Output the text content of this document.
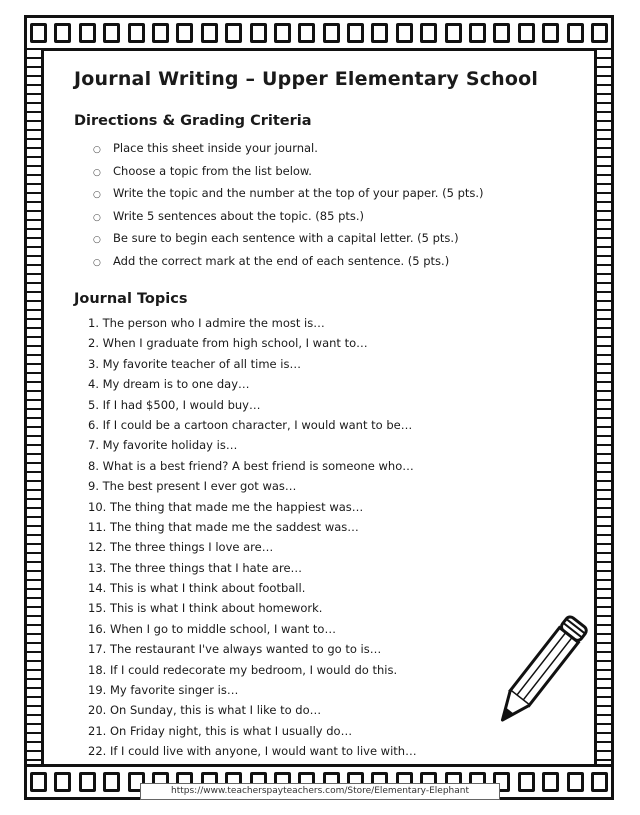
Journal Writing – Upper Elementary School
Directions & Grading Criteria
○ Place this sheet inside your journal.
○ Choose a topic from the list below.
○ Write the topic and the number at the top of your paper. (5 pts.)
○ Write 5 sentences about the topic. (85 pts.)
○ Be sure to begin each sentence with a capital letter. (5 pts.)
○ Add the correct mark at the end of each sentence. (5 pts.)
Journal Topics
1. The person who I admire the most is…
2. When I graduate from high school, I want to…
3. My favorite teacher of all time is…
4. My dream is to one day…
5. If I had $500, I would buy…
6. If I could be a cartoon character, I would want to be…
7. My favorite holiday is…
8. What is a best friend? A best friend is someone who…
9. The best present I ever got was…
10. The thing that made me the happiest was…
11. The thing that made me the saddest was…
12. The three things I love are…
13. The three things that I hate are…
14. This is what I think about football.
15. This is what I think about homework.
16. When I go to middle school, I want to…
17. The restaurant I've always wanted to go to is…
18. If I could redecorate my bedroom, I would do this.
19. My favorite singer is…
20. On Sunday, this is what I like to do…
21. On Friday night, this is what I usually do…
22. If I could live with anyone, I would want to live with…
https://www.teacherspayteachers.com/Store/Elementary-Elephant
